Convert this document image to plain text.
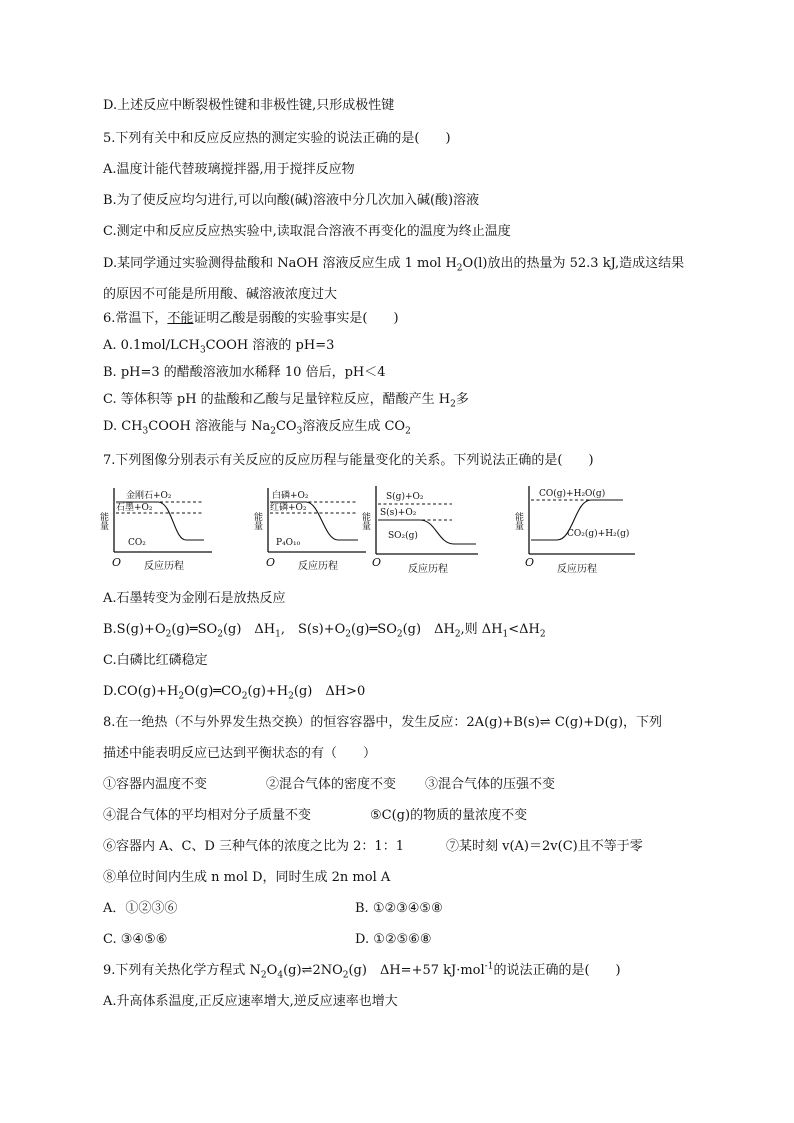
D.上述反应中断裂极性键和非极性键,只形成极性键
5.下列有关中和反应反应热的测定实验的说法正确的是(　　)
A.温度计能代替玻璃搅拌器,用于搅拌反应物
B.为了使反应均匀进行,可以向酸(碱)溶液中分几次加入碱(酸)溶液
C.测定中和反应反应热实验中,读取混合溶液不再变化的温度为终止温度
D.某同学通过实验测得盐酸和 NaOH 溶液反应生成 1 mol $H_2O(l)$放出的热量为 52.3 kJ,造成这结果
的原因不可能是所用酸、碱溶液浓度过大
6.常温下，不能证明乙酸是弱酸的实验事实是(　　)
A. $0.1mol/LCH_3COOH$ 溶液的 pH=3
B. pH=3 的醋酸溶液加水稀释 10 倍后，pH＜4
C. 等体积等 pH 的盐酸和乙酸与足量锌粒反应，醋酸产生 $H_2$多
D. $CH_3COOH$ 溶液能与 $Na_2CO_3$溶液反应生成 $CO_2$
7.下列图像分别表示有关反应的反应历程与能量变化的关系。下列说法正确的是(　　)
能量
金刚石+O₂
石墨+O₂
CO₂
反应历程
能量
白磷+O₂
红磷+O₂
P₄O₁₀
反应历程
能量
S(g)+O₂
S(s)+O₂
SO₂(g)
O
反应历程
能量
CO(g)+H₂O(g)
CO₂(g)+H₂(g)
O
反应历程
O	O
A.石墨转变为金刚石是放热反应
$B.S(g)+O_2(g)═SO_2(g)$　$\Delta H_1$,　$S(s)+O_2(g)═SO_2(g)$　$\Delta H_2$,则 $\Delta H_1<\Delta H_2$
C.白磷比红磷稳定
$D.CO(g)+H_2O(g)═CO_2(g)+H_2(g)$　ΔH>0
8.在一绝热（不与外界发生热交换）的恒容容器中，发生反应：2A(g)+B(s)⇌ C(g)+D(g)，下列
描述中能表明反应已达到平衡状态的有（　　）
①容器内温度不变	②混合气体的密度不变 ③混合气体的压强不变
④混合气体的平均相对分子质量不变	⑤C(g)的物质的量浓度不变
⑥容器内 A、C、D 三种气体的浓度之比为 2：1：1	⑦某时刻 v(A)＝2v(C)且不等于零
⑧单位时间内生成 n mol D，同时生成 2n mol A
A．①②③⑥	B. ①②③④⑤⑧
C. ③④⑤⑥	D. ①②⑤⑥⑧
9.下列有关热化学方程式 $N_2O_4(g)\rightleftharpoons 2NO_2(g)$　ΔH=+57 kJ·mol$^{-1}$的说法正确的是(　　)
A.升高体系温度,正反应速率增大,逆反应速率也增大
